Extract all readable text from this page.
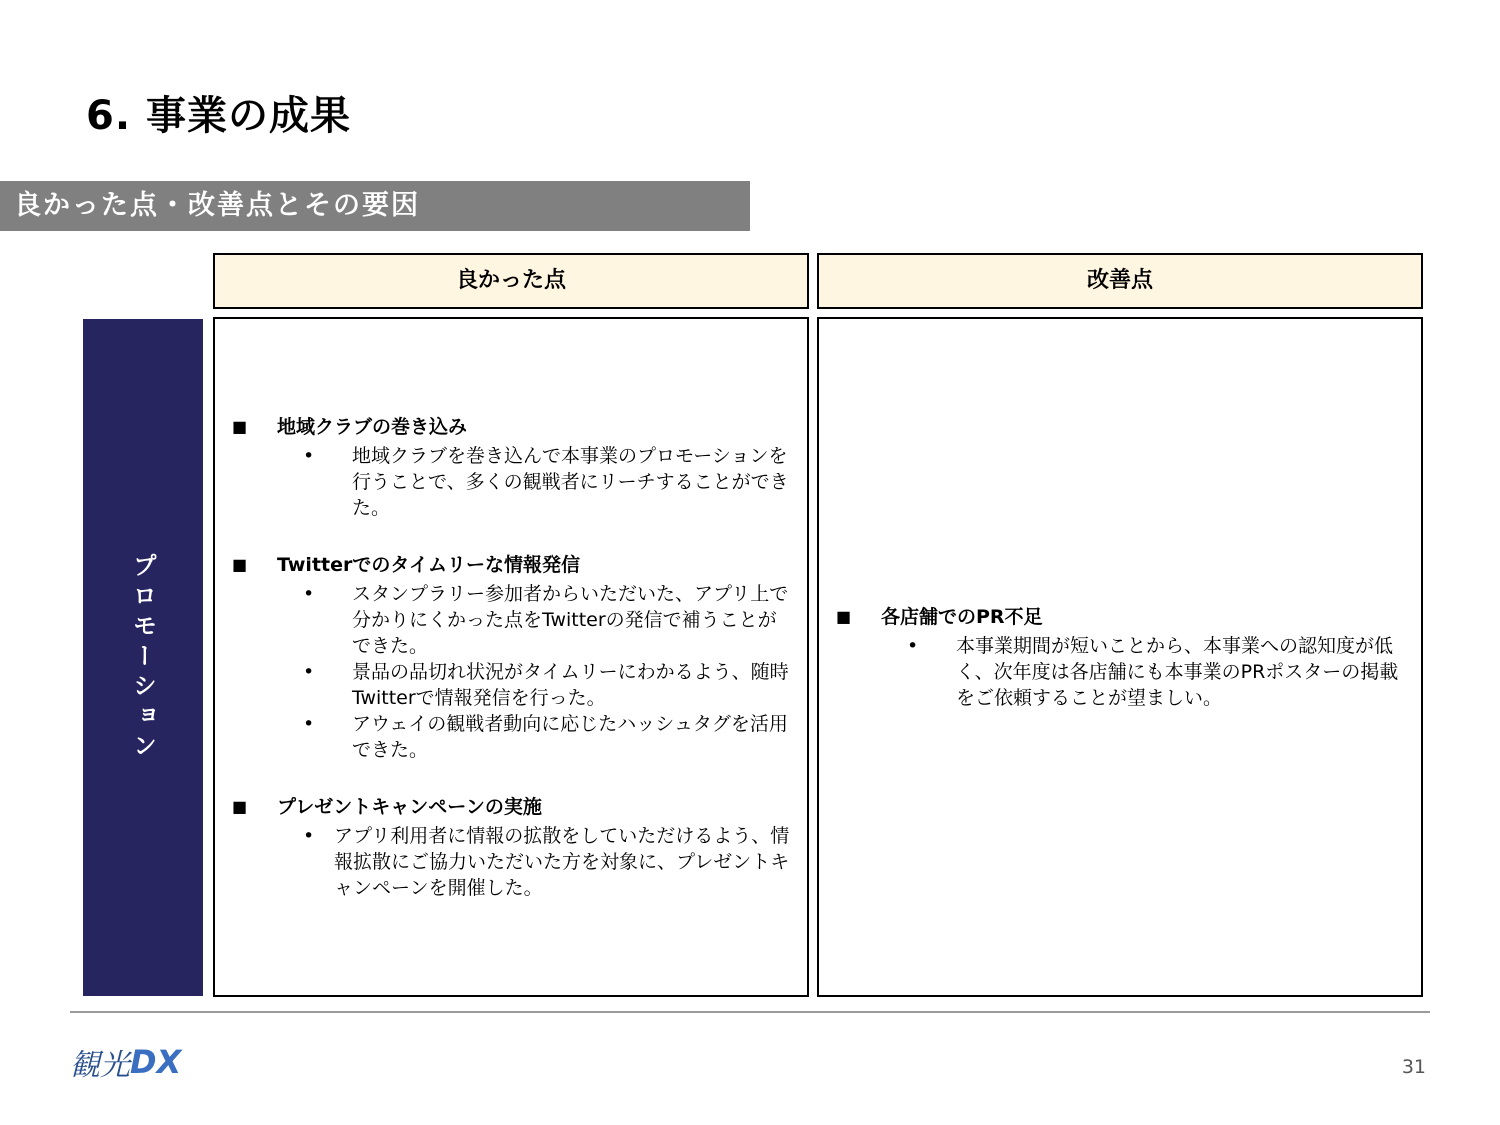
6. 事業の成果
良かった点・改善点とその要因
良かった点	改善点
プロモーション
■ 地域クラブの巻き込み
• 地域クラブを巻き込んで本事業のプロモーションを行うことで、多くの観戦者にリーチすることができた。
■ Twitterでのタイムリーな情報発信
• スタンプラリー参加者からいただいた、アプリ上で分かりにくかった点をTwitterの発信で補うことができた。
• 景品の品切れ状況がタイムリーにわかるよう、随時Twitterで情報発信を行った。
• アウェイの観戦者動向に応じたハッシュタグを活用できた。
■ プレゼントキャンペーンの実施
• アプリ利用者に情報の拡散をしていただけるよう、情報拡散にご協力いただいた方を対象に、プレゼントキャンペーンを開催した。
■ 各店舗でのPR不足
• 本事業期間が短いことから、本事業への認知度が低く、次年度は各店舗にも本事業のPRポスターの掲載をご依頼することが望ましい。
観光 DX	31
